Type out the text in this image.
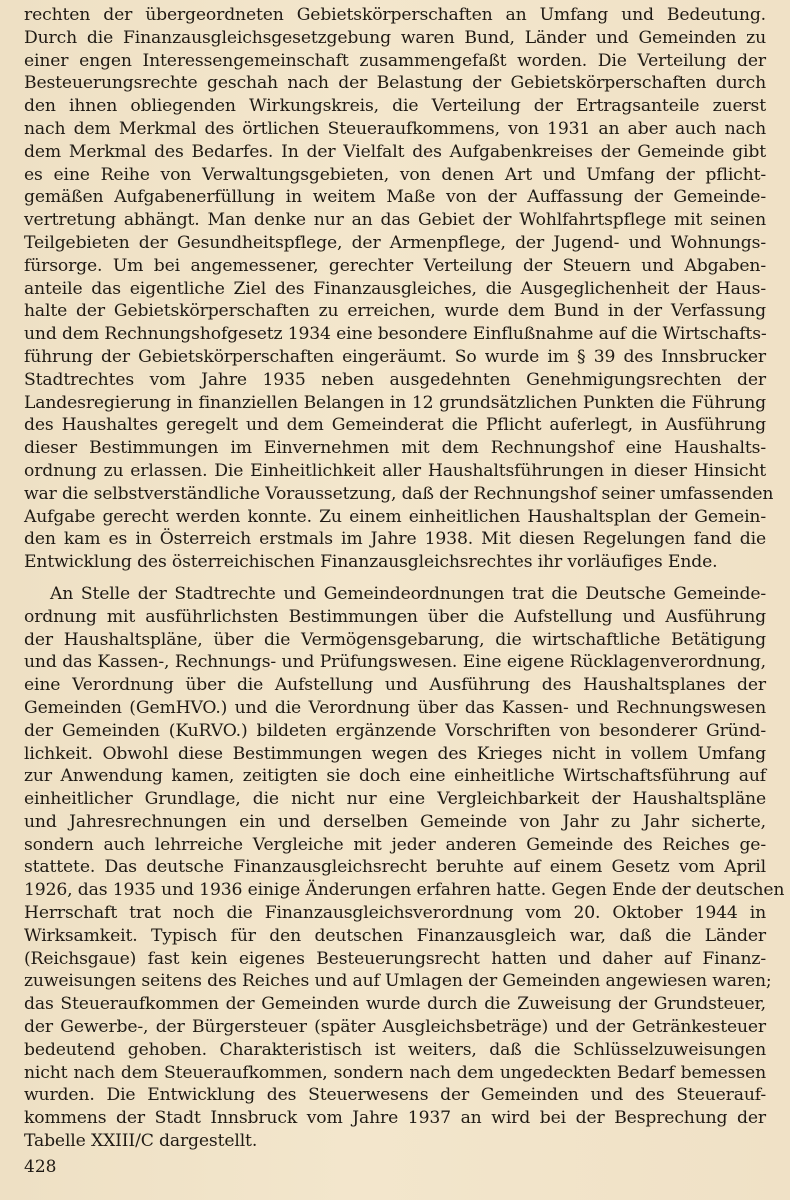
rechten der übergeordneten Gebietskörperschaften an Umfang und Bedeutung.
Durch die Finanzausgleichsgesetzgebung waren Bund, Länder und Gemeinden zu
einer engen Interessengemeinschaft zusammengefaßt worden. Die Verteilung der
Besteuerungsrechte geschah nach der Belastung der Gebietskörperschaften durch
den ihnen obliegenden Wirkungskreis, die Verteilung der Ertragsanteile zuerst
nach dem Merkmal des örtlichen Steueraufkommens, von 1931 an aber auch nach
dem Merkmal des Bedarfes. In der Vielfalt des Aufgabenkreises der Gemeinde gibt
es eine Reihe von Verwaltungsgebieten, von denen Art und Umfang der pflicht-
gemäßen Aufgabenerfüllung in weitem Maße von der Auffassung der Gemeinde-
vertretung abhängt. Man denke nur an das Gebiet der Wohlfahrtspflege mit seinen
Teilgebieten der Gesundheitspflege, der Armenpflege, der Jugend- und Wohnungs-
fürsorge. Um bei angemessener, gerechter Verteilung der Steuern und Abgaben-
anteile das eigentliche Ziel des Finanzausgleiches, die Ausgeglichenheit der Haus-
halte der Gebietskörperschaften zu erreichen, wurde dem Bund in der Verfassung
und dem Rechnungshofgesetz 1934 eine besondere Einflußnahme auf die Wirtschafts-
führung der Gebietskörperschaften eingeräumt. So wurde im § 39 des Innsbrucker
Stadtrechtes vom Jahre 1935 neben ausgedehnten Genehmigungsrechten der
Landesregierung in finanziellen Belangen in 12 grundsätzlichen Punkten die Führung
des Haushaltes geregelt und dem Gemeinderat die Pflicht auferlegt, in Ausführung
dieser Bestimmungen im Einvernehmen mit dem Rechnungshof eine Haushalts-
ordnung zu erlassen. Die Einheitlichkeit aller Haushaltsführungen in dieser Hinsicht
war die selbstverständliche Voraussetzung, daß der Rechnungshof seiner umfassenden
Aufgabe gerecht werden konnte. Zu einem einheitlichen Haushaltsplan der Gemein-
den kam es in Österreich erstmals im Jahre 1938. Mit diesen Regelungen fand die
Entwicklung des österreichischen Finanzausgleichsrechtes ihr vorläufiges Ende.
An Stelle der Stadtrechte und Gemeindeordnungen trat die Deutsche Gemeinde-
ordnung mit ausführlichsten Bestimmungen über die Aufstellung und Ausführung
der Haushaltspläne, über die Vermögensgebarung, die wirtschaftliche Betätigung
und das Kassen-, Rechnungs- und Prüfungswesen. Eine eigene Rücklagenverordnung,
eine Verordnung über die Aufstellung und Ausführung des Haushaltsplanes der
Gemeinden (GemHVO.) und die Verordnung über das Kassen- und Rechnungswesen
der Gemeinden (KuRVO.) bildeten ergänzende Vorschriften von besonderer Gründ-
lichkeit. Obwohl diese Bestimmungen wegen des Krieges nicht in vollem Umfang
zur Anwendung kamen, zeitigten sie doch eine einheitliche Wirtschaftsführung auf
einheitlicher Grundlage, die nicht nur eine Vergleichbarkeit der Haushaltspläne
und Jahresrechnungen ein und derselben Gemeinde von Jahr zu Jahr sicherte,
sondern auch lehrreiche Vergleiche mit jeder anderen Gemeinde des Reiches ge-
stattete. Das deutsche Finanzausgleichsrecht beruhte auf einem Gesetz vom April
1926, das 1935 und 1936 einige Änderungen erfahren hatte. Gegen Ende der deutschen
Herrschaft trat noch die Finanzausgleichsverordnung vom 20. Oktober 1944 in
Wirksamkeit. Typisch für den deutschen Finanzausgleich war, daß die Länder
(Reichsgaue) fast kein eigenes Besteuerungsrecht hatten und daher auf Finanz-
zuweisungen seitens des Reiches und auf Umlagen der Gemeinden angewiesen waren;
das Steueraufkommen der Gemeinden wurde durch die Zuweisung der Grundsteuer,
der Gewerbe-, der Bürgersteuer (später Ausgleichsbeträge) und der Getränkesteuer
bedeutend gehoben. Charakteristisch ist weiters, daß die Schlüsselzuweisungen
nicht nach dem Steueraufkommen, sondern nach dem ungedeckten Bedarf bemessen
wurden. Die Entwicklung des Steuerwesens der Gemeinden und des Steuerauf-
kommens der Stadt Innsbruck vom Jahre 1937 an wird bei der Besprechung der
Tabelle XXIII/C dargestellt.
428
